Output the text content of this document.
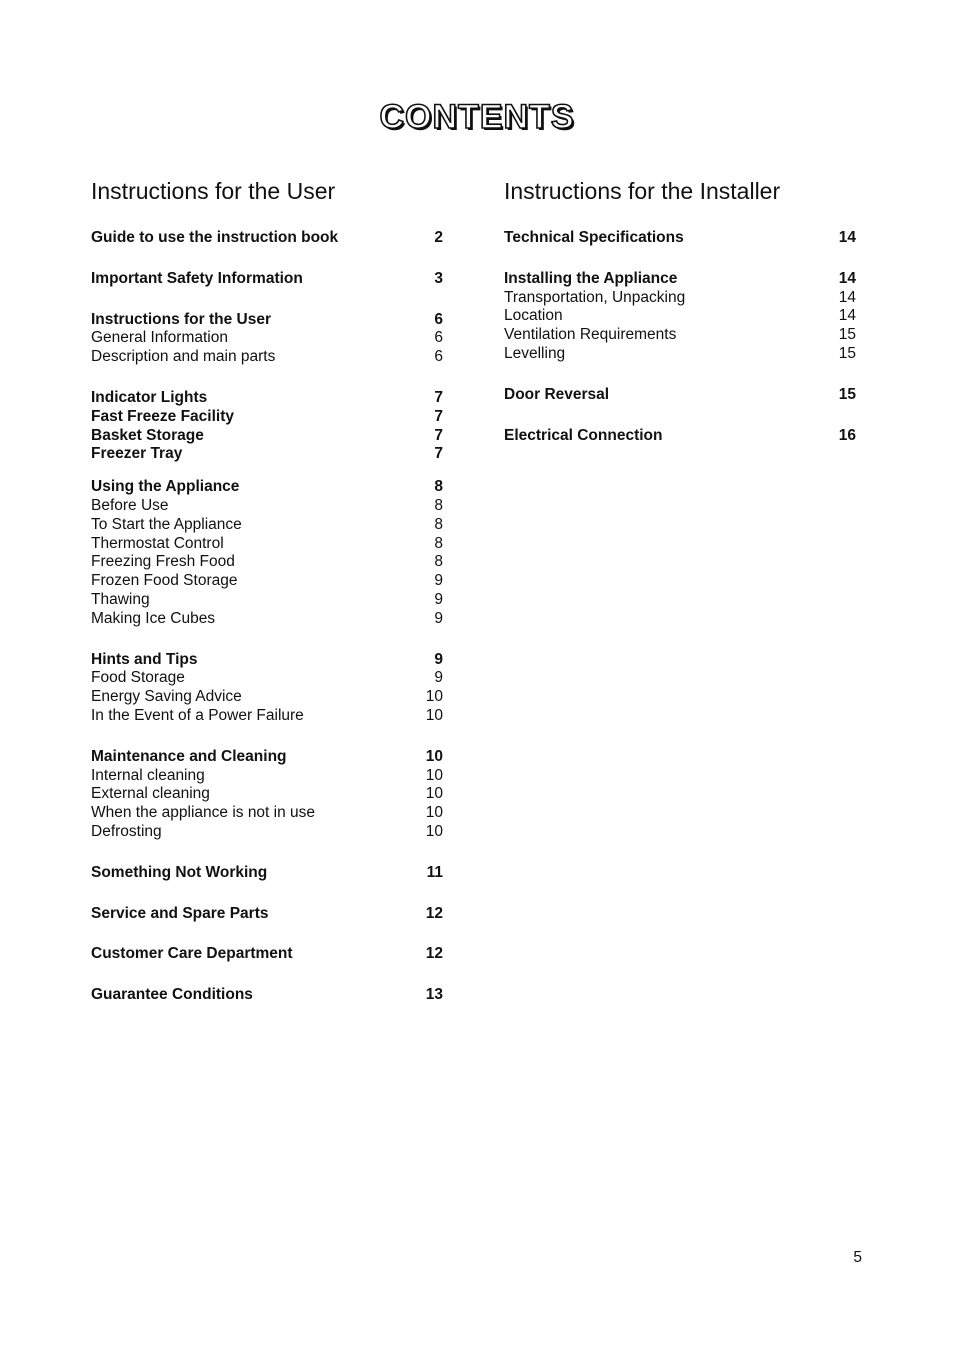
CONTENTS
Instructions for the User
Guide to use the instruction book	2
Important Safety Information	3
Instructions for the User	6
General Information	6
Description and main parts	6
Indicator Lights	7
Fast Freeze Facility	7
Basket Storage	7
Freezer Tray	7
Using the Appliance	8
Before Use	8
To Start the Appliance	8
Thermostat Control	8
Freezing Fresh Food	8
Frozen Food Storage	9
Thawing	9
Making Ice Cubes	9
Hints and Tips	9
Food Storage	9
Energy Saving Advice	10
In the Event of a Power Failure	10
Maintenance and Cleaning	10
Internal cleaning	10
External cleaning	10
When the appliance is not in use	10
Defrosting	10
Something Not Working	11
Service and Spare Parts	12
Customer Care Department	12
Guarantee Conditions	13
Instructions for the Installer
Technical Specifications	14
Installing the Appliance	14
Transportation, Unpacking	14
Location	14
Ventilation Requirements	15
Levelling	15
Door Reversal	15
Electrical Connection	16
5
